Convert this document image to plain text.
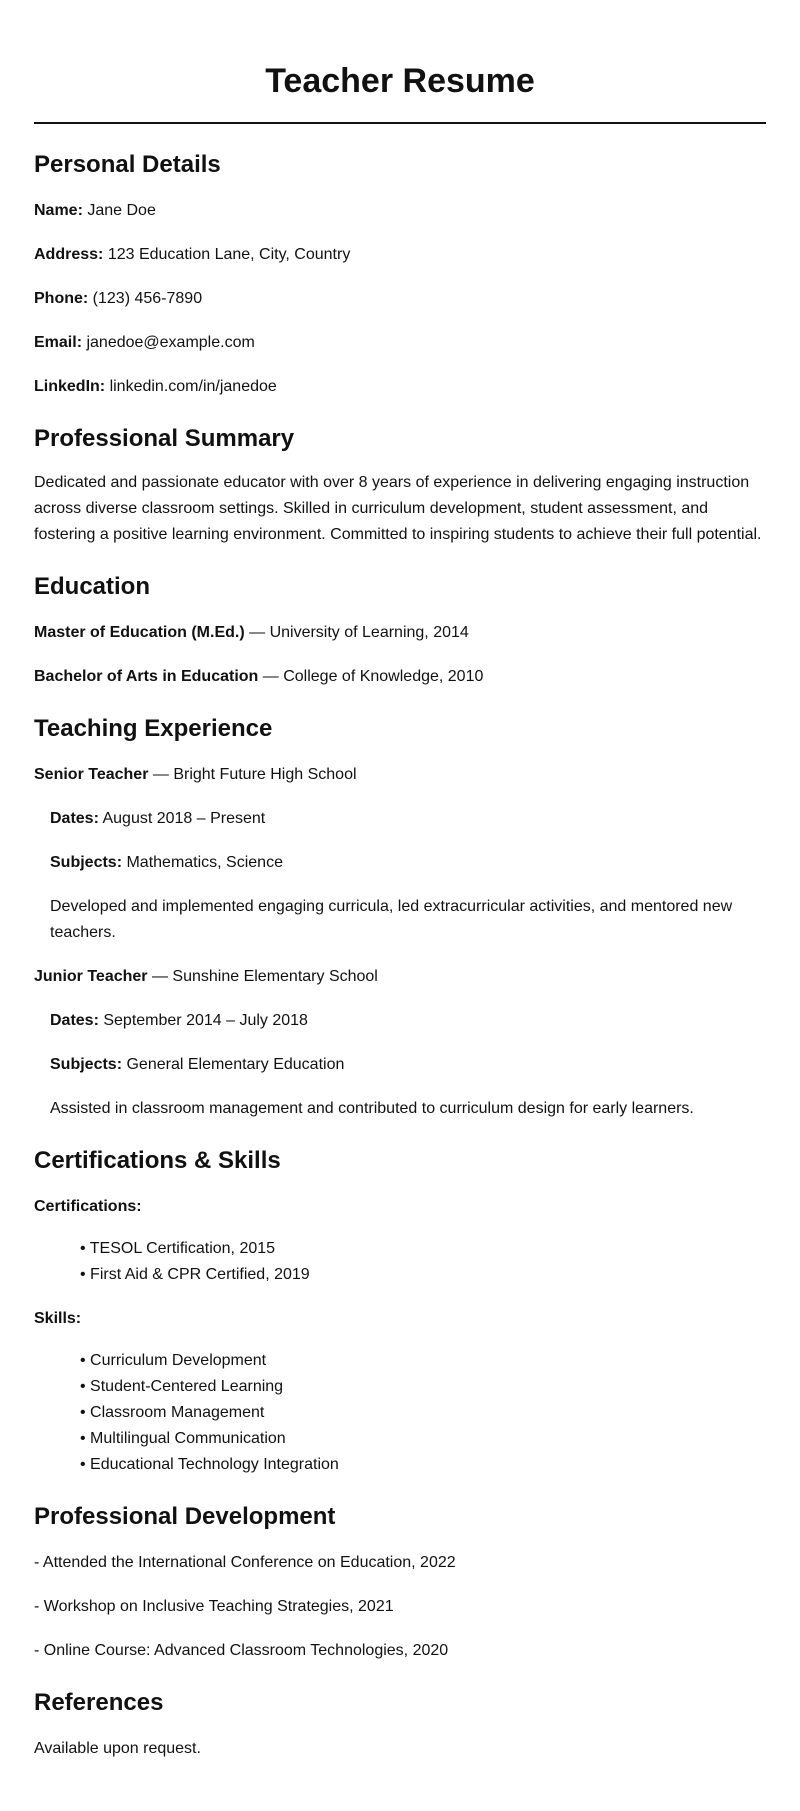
Teacher Resume
Personal Details

Name: Jane Doe

Address: 123 Education Lane, City, Country

Phone: (123) 456-7890

Email: janedoe@example.com

LinkedIn: linkedin.com/in/janedoe

Professional Summary

Dedicated and passionate educator with over 8 years of experience in delivering engaging instruction across diverse classroom settings. Skilled in curriculum development, student assessment, and fostering a positive learning environment. Committed to inspiring students to achieve their full potential.

Education

Master of Education (M.Ed.) — University of Learning, 2014

Bachelor of Arts in Education — College of Knowledge, 2010

Teaching Experience

Senior Teacher — Bright Future High School

Dates: August 2018 – Present

Subjects: Mathematics, Science

Developed and implemented engaging curricula, led extracurricular activities, and mentored new teachers.

Junior Teacher — Sunshine Elementary School

Dates: September 2014 – July 2018

Subjects: General Elementary Education

Assisted in classroom management and contributed to curriculum design for early learners.

Certifications & Skills

Certifications:

• TESOL Certification, 2015
• First Aid & CPR Certified, 2019

Skills:

• Curriculum Development
• Student-Centered Learning
• Classroom Management
• Multilingual Communication
• Educational Technology Integration
Professional Development

- Attended the International Conference on Education, 2022

- Workshop on Inclusive Teaching Strategies, 2021

- Online Course: Advanced Classroom Technologies, 2020

References

Available upon request.
